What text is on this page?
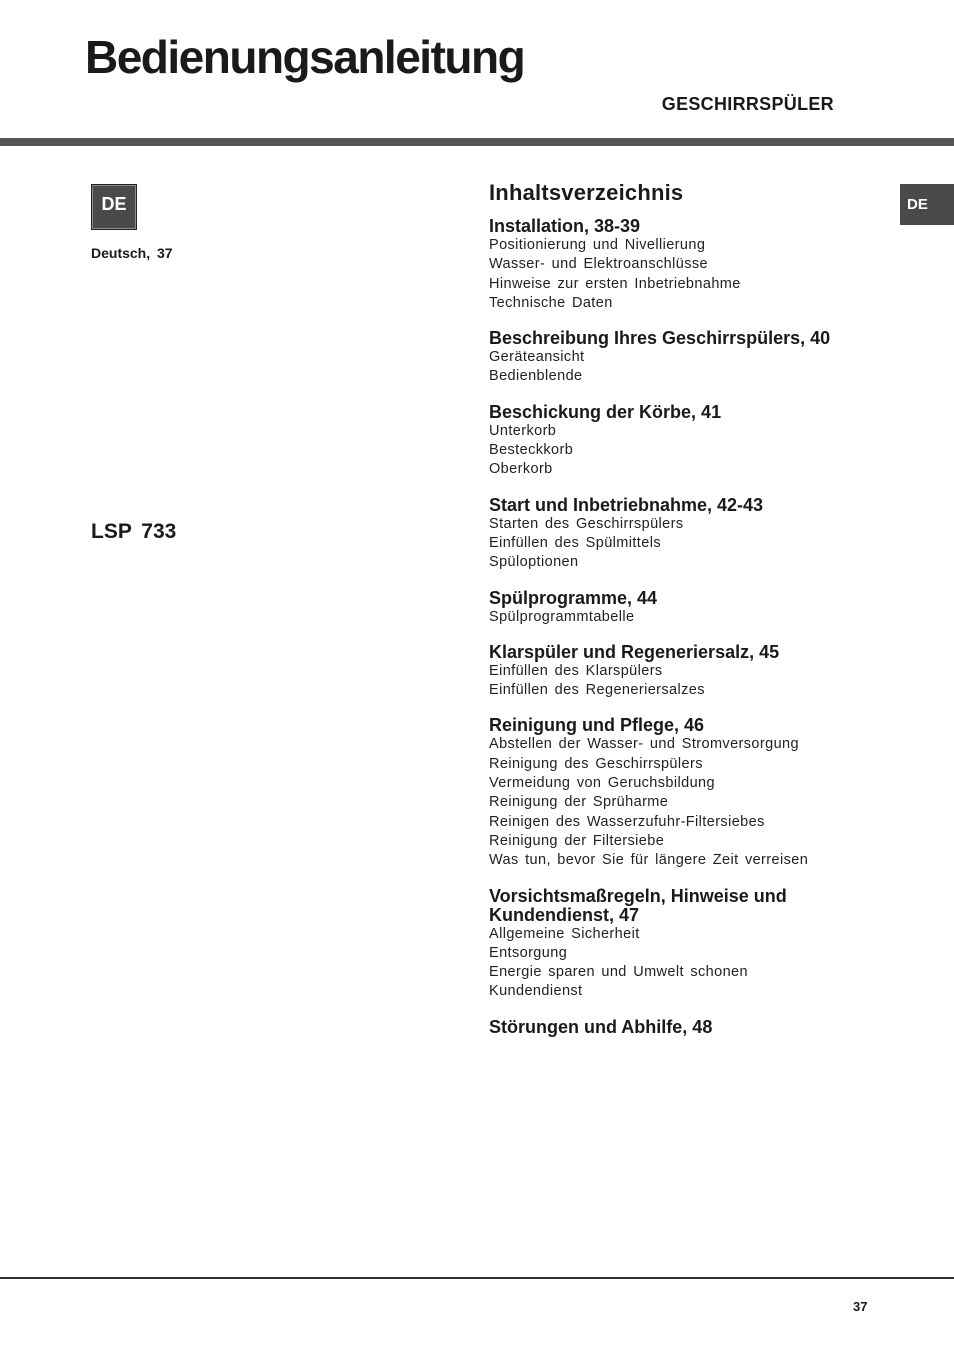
Bedienungsanleitung
GESCHIRRSPÜLER
DE
Deutsch, 37
LSP 733
DE
Inhaltsverzeichnis
Installation, 38-39
Positionierung und Nivellierung
Wasser- und Elektroanschlüsse
Hinweise zur ersten Inbetriebnahme
Technische Daten
Beschreibung Ihres Geschirrspülers, 40
Geräteansicht
Bedienblende
Beschickung der Körbe, 41
Unterkorb
Besteckkorb
Oberkorb
Start und Inbetriebnahme, 42-43
Starten des Geschirrspülers
Einfüllen des Spülmittels
Spüloptionen
Spülprogramme, 44
Spülprogrammtabelle
Klarspüler und Regeneriersalz, 45
Einfüllen des Klarspülers
Einfüllen des Regeneriersalzes
Reinigung und Pflege, 46
Abstellen der Wasser- und Stromversorgung
Reinigung des Geschirrspülers
Vermeidung von Geruchsbildung
Reinigung der Sprüharme
Reinigen des Wasserzufuhr-Filtersiebes
Reinigung der Filtersiebe
Was tun, bevor Sie für längere Zeit verreisen
Vorsichtsmaßregeln, Hinweise und
Kundendienst, 47
Allgemeine Sicherheit
Entsorgung
Energie sparen und Umwelt schonen
Kundendienst
Störungen und Abhilfe, 48
37
